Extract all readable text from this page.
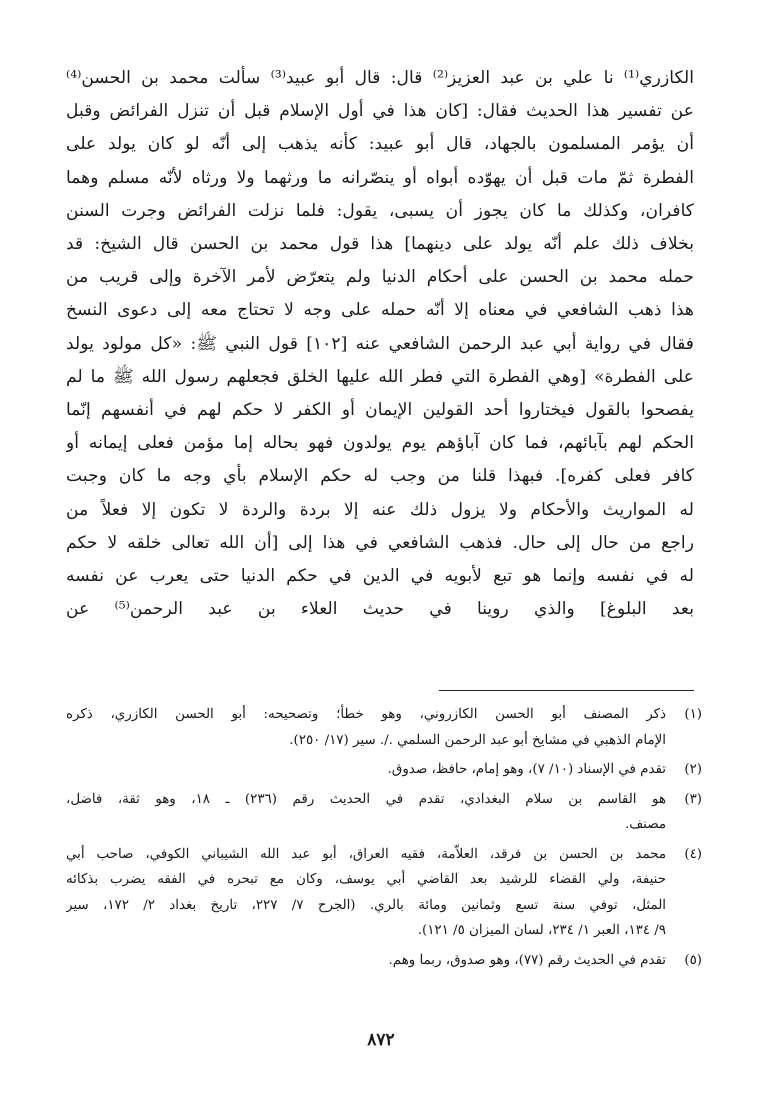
الكازري⁽¹⁾ نا علي بن عبد العزيز⁽²⁾ قال: قال أبو عبيد⁽³⁾ سألت محمد بن الحسن⁽⁴⁾
عن تفسير هذا الحديث فقال: [كان هذا في أول الإسلام قبل أن تنزل الفرائض وقبل
أن يؤمر المسلمون بالجهاد، قال أبو عبيد: كأنه يذهب إلى أنّه لو كان يولد على
الفطرة ثمّ مات قبل أن يهوّده أبواه أو ينصّرانه ما ورثهما ولا ورثاه لأنّه مسلم وهما
كافران، وكذلك ما كان يجوز أن يسبى، يقول: فلما نزلت الفرائض وجرت السنن
بخلاف ذلك علم أنّه يولد على دينهما] هذا قول محمد بن الحسن قال الشيخ: قد
حمله محمد بن الحسن على أحكام الدنيا ولم يتعرّض لأمر الآخرة وإلى قريب من
هذا ذهب الشافعي في معناه إلا أنّه حمله على وجه لا تحتاج معه إلى دعوى النسخ
فقال في رواية أبي عبد الرحمن الشافعي عنه [١٠٢] قول النبي ﷺ: «كل مولود يولد
على الفطرة» [وهي الفطرة التي فطر الله عليها الخلق فجعلهم رسول الله ﷺ ما لم
يفصحوا بالقول فيختاروا أحد القولين الإيمان أو الكفر لا حكم لهم في أنفسهم إنّما
الحكم لهم بآبائهم، فما كان آباؤهم يوم يولدون فهو بحاله إما مؤمن فعلى إيمانه أو
كافر فعلى كفره]. فبهذا قلنا من وجب له حكم الإسلام بأي وجه ما كان وجبت
له المواريث والأحكام ولا يزول ذلك عنه إلا بردة والردة لا تكون إلا فعلاً من
راجع من حال إلى حال. فذهب الشافعي في هذا إلى [أن الله تعالى خلقه لا حكم
له في نفسه وإنما هو تبع لأبويه في الدين في حكم الدنيا حتى يعرب عن نفسه
بعد البلوغ] والذي روينا في حديث العلاء بن عبد الرحمن⁽⁵⁾ عن
(١)
ذكر المصنف أبو الحسن الكازروني، وهو خطأ؛ وتصحيحه: أبو الحسن الكازري، ذكره
الإمام الذهبي في مشايخ أبو عبد الرحمن السلمي ./. سير (١٧/ ٢٥٠).
(٢)
تقدم في الإسناد (١٠/ ٧)، وهو إمام، حافظ، صدوق.
(٣)
هو القاسم بن سلام البغدادي، تقدم في الحديث رقم (٢٣٦) ـ ١٨، وهو ثقة، فاضل،
مصنف.
(٤)
محمد بن الحسن بن فرقد، العلاّمة، فقيه العراق، أبو عبد الله الشيباني الكوفي، صاحب أبي
حنيفة، ولي القضاء للرشيد بعد القاضي أبي يوسف، وكان مع تبحره في الفقه يضرب بذكائه
المثل، توفي سنة تسع وثمانين ومائة بالري. (الجرح ٧/ ٢٢٧، تاريخ بغداد ٢/ ١٧٢، سير
٩/ ١٣٤، العبر ١/ ٢٣٤، لسان الميزان ٥/ ١٢١).
(٥)
تقدم في الحديث رقم (٧٧)، وهو صدوق، ربما وهم.
٨٧٢
